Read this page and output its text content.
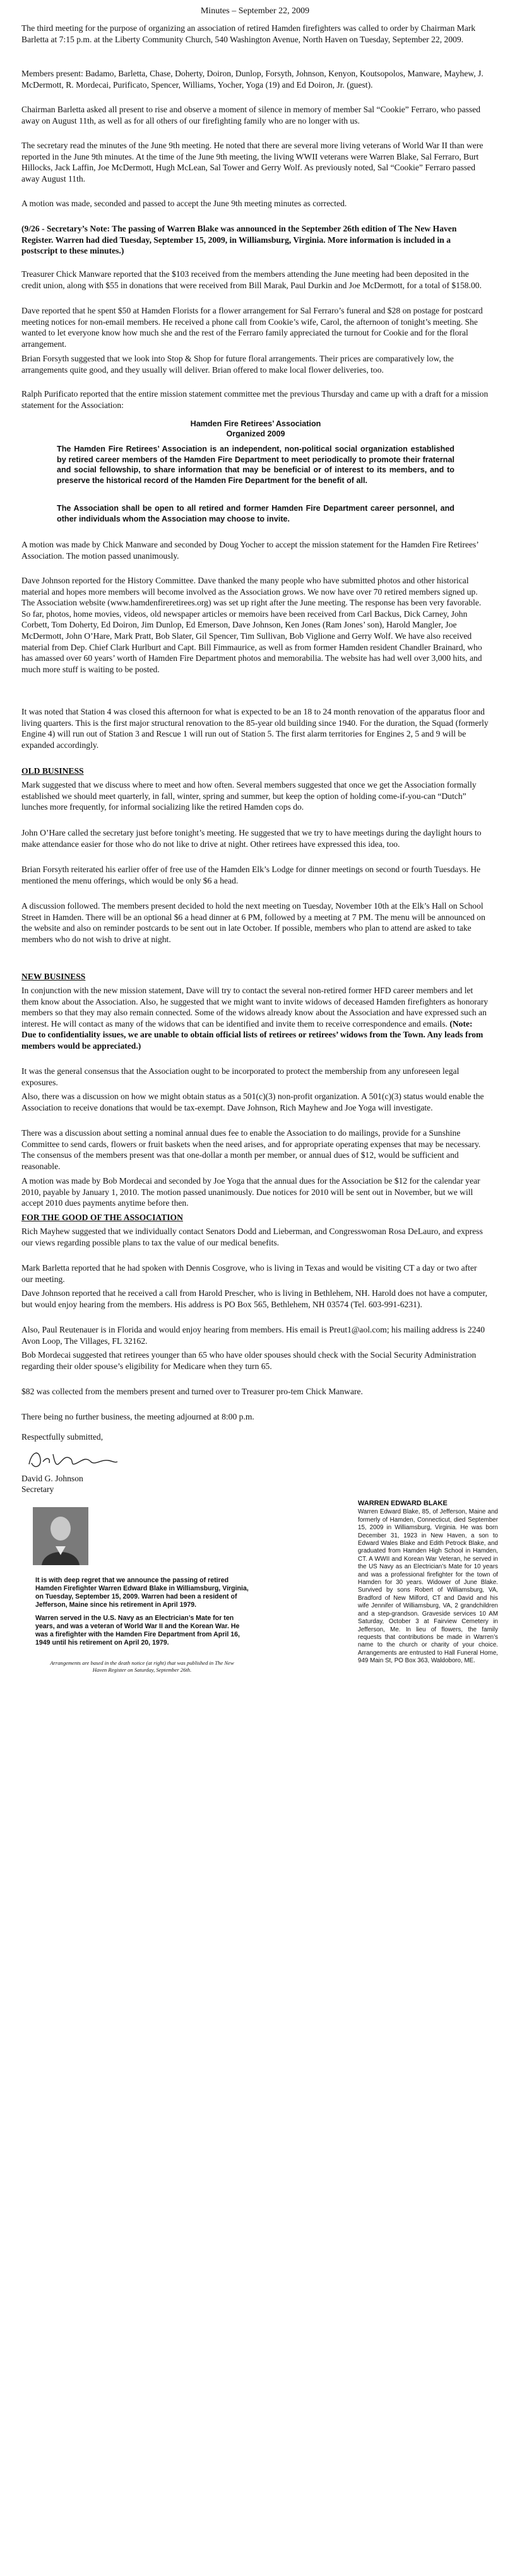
Minutes – September 22, 2009

The third meeting for the purpose of organizing an association of retired Hamden firefighters was called to order by Chairman Mark Barletta at 7:15 p.m. at the Liberty Community Church, 540 Washington Avenue, North Haven on Tuesday, September 22, 2009.

Members present: Badamo, Barletta, Chase, Doherty, Doiron, Dunlop, Forsyth, Johnson, Kenyon, Koutsopolos, Manware, Mayhew, J. McDermott, R. Mordecai, Purificato, Spencer, Williams, Yocher, Yoga (19) and Ed Doiron, Jr. (guest).

Chairman Barletta asked all present to rise and observe a moment of silence in memory of member Sal “Cookie” Ferraro, who passed away on August 11th, as well as for all others of our firefighting family who are no longer with us.

The secretary read the minutes of the June 9th meeting. He noted that there are several more living veterans of World War II than were reported in the June 9th minutes. At the time of the June 9th meeting, the living WWII veterans were Warren Blake, Sal Ferraro, Burt Hillocks, Jack Laffin, Joe McDermott, Hugh McLean, Sal Tower and Gerry Wolf. As previously noted, Sal “Cookie” Ferraro passed away August 11th.

A motion was made, seconded and passed to accept the June 9th meeting minutes as corrected.

(9/26 - Secretary’s Note: The passing of Warren Blake was announced in the September 26th edition of The New Haven Register. Warren had died Tuesday, September 15, 2009, in Williamsburg, Virginia. More information is included in a postscript to these minutes.)

Treasurer Chick Manware reported that the $103 received from the members attending the June meeting had been deposited in the credit union, along with $55 in donations that were received from Bill Marak, Paul Durkin and Joe McDermott, for a total of $158.00.

Dave reported that he spent $50 at Hamden Florists for a flower arrangement for Sal Ferraro’s funeral and $28 on postage for postcard meeting notices for non-email members. He received a phone call from Cookie’s wife, Carol, the afternoon of tonight’s meeting. She wanted to let everyone know how much she and the rest of the Ferraro family appreciated the turnout for Cookie and for the floral arrangement.

Brian Forsyth suggested that we look into Stop & Shop for future floral arrangements. Their prices are comparatively low, the arrangements quite good, and they usually will deliver. Brian offered to make local flower deliveries, too.

Ralph Purificato reported that the entire mission statement committee met the previous Thursday and came up with a draft for a mission statement for the Association:

Hamden Fire Retirees’ Association
Organized 2009

The Hamden Fire Retirees’ Association is an independent, non-political social organization established by retired career members of the Hamden Fire Department to meet periodically to promote their fraternal and social fellowship, to share information that may be beneficial or of interest to its members, and to preserve the historical record of the Hamden Fire Department for the benefit of all.

The Association shall be open to all retired and former Hamden Fire Department career personnel, and other individuals whom the Association may choose to invite.

A motion was made by Chick Manware and seconded by Doug Yocher to accept the mission statement for the Hamden Fire Retirees’ Association. The motion passed unanimously.

Dave Johnson reported for the History Committee. Dave thanked the many people who have submitted photos and other historical material and hopes more members will become involved as the Association grows. We now have over 70 retired members signed up. The Association website (www.hamdenfireretirees.org) was set up right after the June meeting. The response has been very favorable. So far, photos, home movies, videos, old newspaper articles or memoirs have been received from Carl Backus, Dick Carney, John Corbett, Tom Doherty, Ed Doiron, Jim Dunlop, Ed Emerson, Dave Johnson, Ken Jones (Ram Jones’ son), Harold Mangler, Joe McDermott, John O’Hare, Mark Pratt, Bob Slater, Gil Spencer, Tim Sullivan, Bob Viglione and Gerry Wolf. We have also received material from Dep. Chief Clark Hurlburt and Capt. Bill Fimmaurice, as well as from former Hamden resident Chandler Brainard, who has amassed over 60 years’ worth of Hamden Fire Department photos and memorabilia. The website has had well over 3,000 hits, and much more stuff is waiting to be posted.

It was noted that Station 4 was closed this afternoon for what is expected to be an 18 to 24 month renovation of the apparatus floor and living quarters. This is the first major structural renovation to the 85-year old building since 1940. For the duration, the Squad (formerly Engine 4) will run out of Station 3 and Rescue 1 will run out of Station 5. The first alarm territories for Engines 2, 5 and 9 will be expanded accordingly.

OLD BUSINESS

Mark suggested that we discuss where to meet and how often. Several members suggested that once we get the Association formally established we should meet quarterly, in fall, winter, spring and summer, but keep the option of holding come-if-you-can “Dutch” lunches more frequently, for informal socializing like the retired Hamden cops do.

John O’Hare called the secretary just before tonight’s meeting. He suggested that we try to have meetings during the daylight hours to make attendance easier for those who do not like to drive at night. Other retirees have expressed this idea, too.

Brian Forsyth reiterated his earlier offer of free use of the Hamden Elk’s Lodge for dinner meetings on second or fourth Tuesdays. He mentioned the menu offerings, which would be only $6 a head.

A discussion followed. The members present decided to hold the next meeting on Tuesday, November 10th at the Elk’s Hall on School Street in Hamden. There will be an optional $6 a head dinner at 6 PM, followed by a meeting at 7 PM. The menu will be announced on the website and also on reminder postcards to be sent out in late October. If possible, members who plan to attend are asked to take members who do not wish to drive at night.

NEW BUSINESS

In conjunction with the new mission statement, Dave will try to contact the several non-retired former HFD career members and let them know about the Association. Also, he suggested that we might want to invite widows of deceased Hamden firefighters as honorary members so that they may also remain connected. Some of the widows already know about the Association and have expressed such an interest. He will contact as many of the widows that can be identified and invite them to receive correspondence and emails. (Note: Due to confidentiality issues, we are unable to obtain official lists of retirees or retirees’ widows from the Town. Any leads from members would be appreciated.)

It was the general consensus that the Association ought to be incorporated to protect the membership from any unforeseen legal exposures.

Also, there was a discussion on how we might obtain status as a 501(c)(3) non-profit organization. A 501(c)(3) status would enable the Association to receive donations that would be tax-exempt. Dave Johnson, Rich Mayhew and Joe Yoga will investigate.

There was a discussion about setting a nominal annual dues fee to enable the Association to do mailings, provide for a Sunshine Committee to send cards, flowers or fruit baskets when the need arises, and for appropriate operating expenses that may be necessary. The consensus of the members present was that one-dollar a month per member, or annual dues of $12, would be sufficient and reasonable.

A motion was made by Bob Mordecai and seconded by Joe Yoga that the annual dues for the Association be $12 for the calendar year 2010, payable by January 1, 2010. The motion passed unanimously. Due notices for 2010 will be sent out in November, but we will accept 2010 dues payments anytime before then.

FOR THE GOOD OF THE ASSOCIATION

Rich Mayhew suggested that we individually contact Senators Dodd and Lieberman, and Congresswoman Rosa DeLauro, and express our views regarding possible plans to tax the value of our medical benefits.

Mark Barletta reported that he had spoken with Dennis Cosgrove, who is living in Texas and would be visiting CT a day or two after our meeting.

Dave Johnson reported that he received a call from Harold Prescher, who is living in Bethlehem, NH. Harold does not have a computer, but would enjoy hearing from the members. His address is PO Box 565, Bethlehem, NH 03574 (Tel. 603-991-6231).

Also, Paul Reutenauer is in Florida and would enjoy hearing from members. His email is Preut1@aol.com; his mailing address is 2240 Avon Loop, The Villages, FL 32162.

Bob Mordecai suggested that retirees younger than 65 who have older spouses should check with the Social Security Administration regarding their older spouse’s eligibility for Medicare when they turn 65.

$82 was collected from the members present and turned over to Treasurer pro-tem Chick Manware.

There being no further business, the meeting adjourned at 8:00 p.m.

Respectfully submitted,

David G. Johnson
Secretary

It is with deep regret that we announce the passing of retired Hamden Firefighter Warren Edward Blake in Williamsburg, Virginia, on Tuesday, September 15, 2009. Warren had been a resident of Jefferson, Maine since his retirement in April 1979.

Warren served in the U.S. Navy as an Electrician’s Mate for ten years, and was a veteran of World War II and the Korean War. He was a firefighter with the Hamden Fire Department from April 16, 1949 until his retirement on April 20, 1979.

Arrangements are based in the death notice (at right) that was published in The New Haven Register on Saturday, September 26th.
WARREN EDWARD BLAKE
Warren Edward Blake, 85, of Jefferson, Maine and formerly of Hamden, Connecticut, died September 15, 2009 in Williamsburg, Virginia. He was born December 31, 1923 in New Haven, a son to Edward Wales Blake and Edith Petrock Blake, and graduated from Hamden High School in Hamden, CT. A WWII and Korean War Veteran, he served in the US Navy as an Electrician’s Mate for 10 years and was a professional firefighter for the town of Hamden for 30 years. Widower of June Blake. Survived by sons Robert of Williamsburg, VA, Bradford of New Milford, CT and David and his wife Jennifer of Williamsburg, VA, 2 grandchildren and a step-grandson. Graveside services 10 AM Saturday, October 3 at Fairview Cemetery in Jefferson, Me. In lieu of flowers, the family requests that contributions be made in Warren’s name to the church or charity of your choice. Arrangements are entrusted to Hall Funeral Home, 949 Main St, PO Box 363, Waldoboro, ME.
